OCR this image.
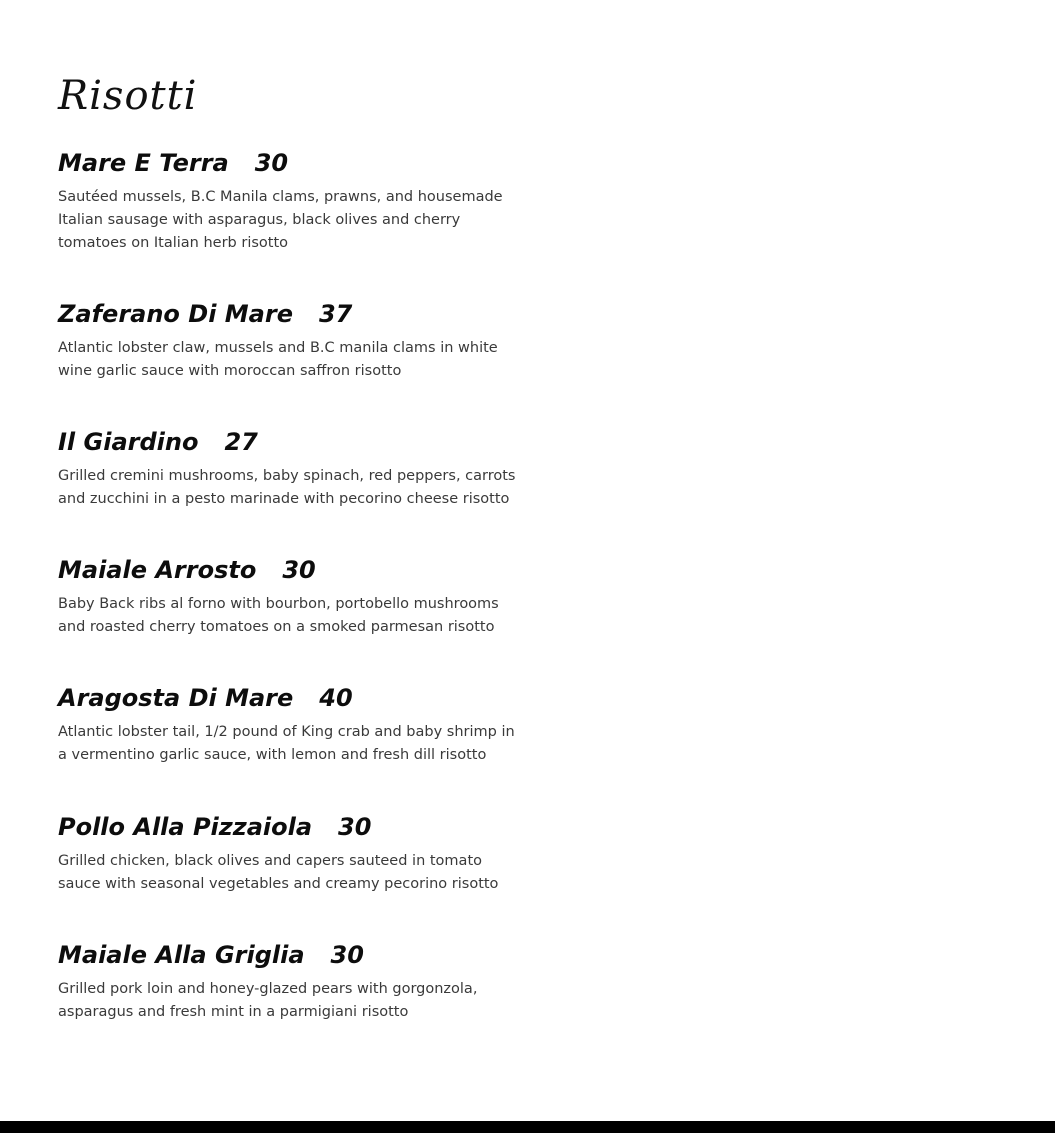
Risotti
Mare E Terra 30

Sautéed mussels, B.C Manila clams, prawns, and housemade Italian sausage with asparagus, black olives and cherry tomatoes on Italian herb risotto

Zaferano Di Mare 37

Atlantic lobster claw, mussels and B.C manila clams in white wine garlic sauce with moroccan saffron risotto

Il Giardino 27

Grilled cremini mushrooms, baby spinach, red peppers, carrots and zucchini in a pesto marinade with pecorino cheese risotto

Maiale Arrosto 30

Baby Back ribs al forno with bourbon, portobello mushrooms and roasted cherry tomatoes on a smoked parmesan risotto

Aragosta Di Mare 40

Atlantic lobster tail, 1/2 pound of King crab and baby shrimp in a vermentino garlic sauce, with lemon and fresh dill risotto

Pollo Alla Pizzaiola 30

Grilled chicken, black olives and capers sauteed in tomato sauce with seasonal vegetables and creamy pecorino risotto

Maiale Alla Griglia 30

Grilled pork loin and honey-glazed pears with gorgonzola, asparagus and fresh mint in a parmigiani risotto
